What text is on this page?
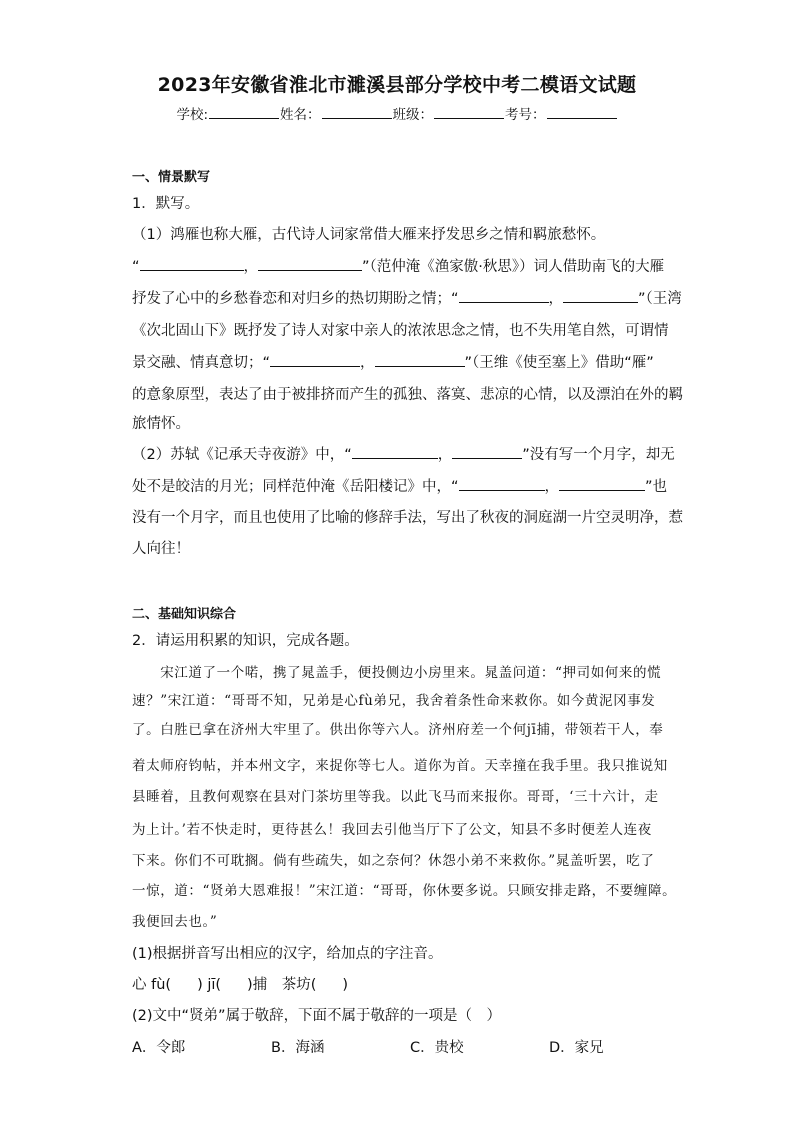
2023年安徽省淮北市濉溪县部分学校中考二模语文试题
学校:	姓名：	班级：	考号：
一、情景默写
1．默写。
（1）鸿雁也称大雁，古代诗人词家常借大雁来抒发思乡之情和羁旅愁怀。
“	，	”（范仲淹《渔家傲·秋思》）词人借助南飞的大雁
抒发了心中的乡愁眷恋和对归乡的热切期盼之情；“	，	”（王湾
《次北固山下》既抒发了诗人对家中亲人的浓浓思念之情，也不失用笔自然，可谓情
景交融、情真意切；“	，	”（王维《使至塞上》借助“雁”
的意象原型，表达了由于被排挤而产生的孤独、落寞、悲凉的心情，以及漂泊在外的羁
旅情怀。
（2）苏轼《记承天寺夜游》中，“	，	”没有写一个月字，却无
处不是皎洁的月光；同样范仲淹《岳阳楼记》中，“	，	”也
没有一个月字，而且也使用了比喻的修辞手法，写出了秋夜的洞庭湖一片空灵明净，惹
人向往！
二、基础知识综合
2．请运用积累的知识，完成各题。
　　宋江道了一个喏，携了晁盖手，便投侧边小房里来。晁盖问道：“押司如何来的慌
速？”宋江道：“哥哥不知，兄弟是心fù弟兄，我舍着条性命来救你。如今黄泥冈事发
了。白胜已拿在济州大牢里了。供出你等六人。济州府差一个何jī捕，带领若干人，奉
着太师府钧帖，并本州文字，来捉你等七人。道你为首。天幸撞在我手里。我只推说知
县睡着，且教何观察在县对门茶坊里等我。以此飞马而来报你。哥哥，‘三十六计，走
为上计。’若不快走时，更待甚么！我回去引他当厅下了公文，知县不多时便差人连夜
下来。你们不可耽搁。倘有些疏失，如之奈何？休怨小弟不来救你。”晁盖听罢，吃了
一惊，道：“贤弟大恩难报！”宋江道：“哥哥，你休要多说。只顾安排走路，不要缠障。
我便回去也。”
(1)根据拼音写出相应的汉字，给加点的字注音。
心 fù( ) jī( )捕　茶坊( )
(2)文中“贤弟”属于敬辞，下面不属于敬辞的一项是（　）
A．令郎	B．海涵	C．贵校	D．家兄
